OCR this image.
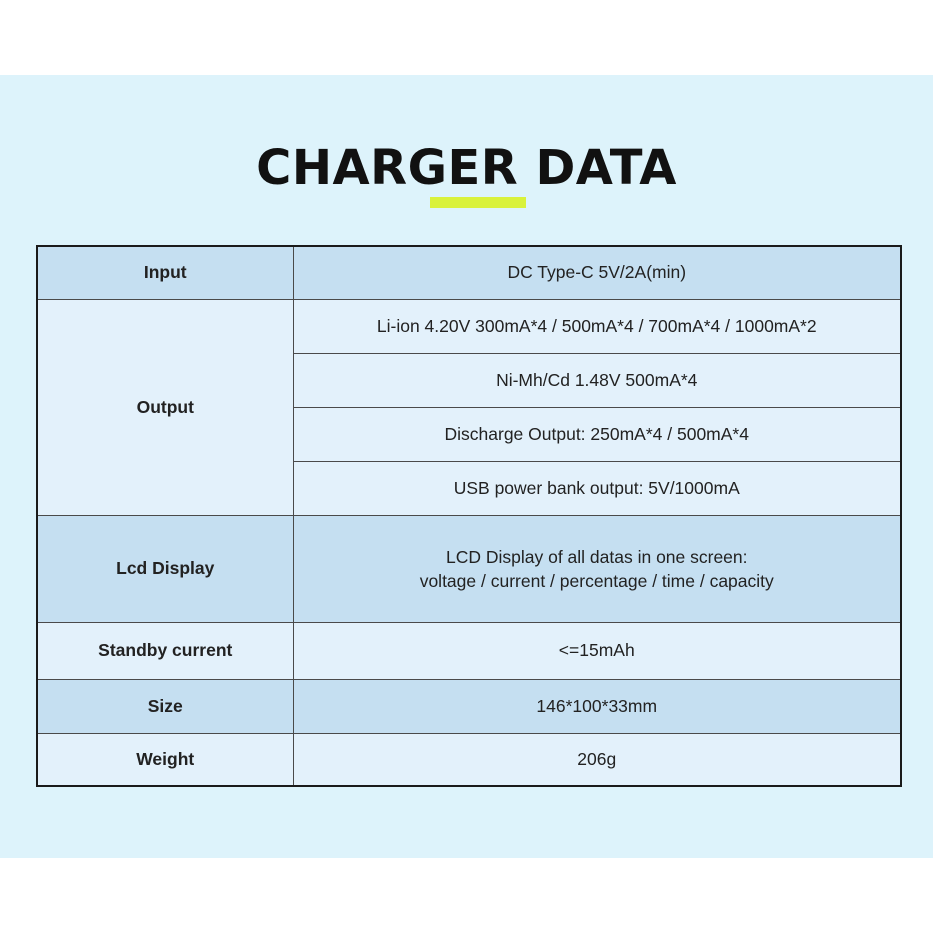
CHARGER DATA
Input	DC Type-C 5V/2A(min)
Output	Li-ion 4.20V 300mA*4 / 500mA*4 / 700mA*4 / 1000mA*2
	Ni-Mh/Cd 1.48V 500mA*4
	Discharge Output: 250mA*4 / 500mA*4
	USB power bank output: 5V/1000mA
Lcd Display	LCD Display of all datas in one screen:
voltage / current / percentage / time / capacity

Standby current	<=15mAh
Size	146*100*33mm
Weight	206g
